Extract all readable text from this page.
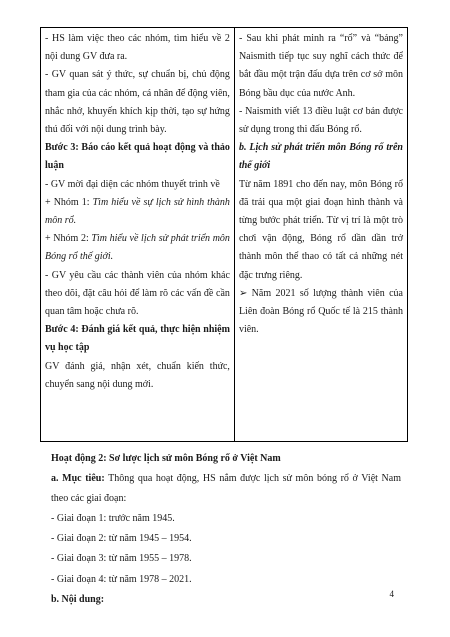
- HS làm việc theo các nhóm, tìm hiểu về 2 nội dung GV đưa ra.

- GV quan sát ý thức, sự chuẩn bị, chủ động tham gia của các nhóm, cá nhân để động viên, nhắc nhở, khuyến khích kịp thời, tạo sự hứng thú đối với nội dung trình bày.

Bước 3: Báo cáo kết quả hoạt động và thảo luận

- GV mời đại diện các nhóm thuyết trình về

+ Nhóm 1: Tìm hiểu về sự lịch sử hình thành môn rổ.

+ Nhóm 2: Tìm hiểu về lịch sử phát triển môn Bóng rổ thế giới.

- GV yêu cầu các thành viên của nhóm khác theo dõi, đặt câu hỏi để làm rõ các vấn đề cần quan tâm hoặc chưa rõ.

Bước 4: Đánh giá kết quả, thực hiện nhiệm vụ học tập

GV đánh giá, nhận xét, chuẩn kiến thức, chuyển sang nội dung mới.

- Sau khi phát minh ra “rổ” và “bảng” Naismith tiếp tục suy nghĩ cách thức để bắt đầu một trận đấu dựa trên cơ sở môn Bóng bầu dục của nước Anh.

- Naismith viết 13 điều luật cơ bản được sử dụng trong thi đấu Bóng rổ.

b. Lịch sử phát triển môn Bóng rổ trên thế giới

Từ năm 1891 cho đến nay, môn Bóng rổ đã trải qua một giai đoạn hình thành và từng bước phát triển. Từ vị trí là một trò chơi vận động, Bóng rổ dần dần trở thành môn thể thao có tất cả những nét đặc trưng riêng.

➢ Năm 2021 số lượng thành viên của Liên đoàn Bóng rổ Quốc tế là 215 thành viên.

Hoạt động 2: Sơ lược lịch sử môn Bóng rổ ở Việt Nam

a. Mục tiêu: Thông qua hoạt động, HS nắm được lịch sử môn bóng rổ ở Việt Nam theo các giai đoạn:

- Giai đoạn 1: trước năm 1945.

- Giai đoạn 2: từ năm 1945 – 1954.

- Giai đoạn 3: từ năm 1955 – 1978.

- Giai đoạn 4: từ năm 1978 – 2021.

b. Nội dung:	4
